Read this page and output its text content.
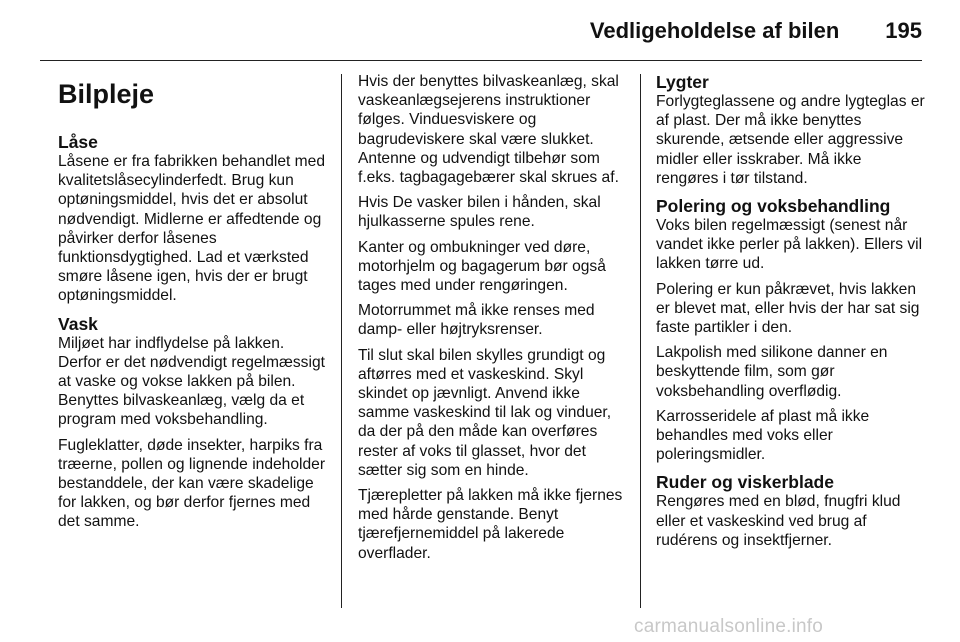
Vedligeholdelse af bilen 195
Bilpleje
Låse

Låsene er fra fabrikken behandlet med kvalitetslåsecylinderfedt. Brug kun optøningsmiddel, hvis det er absolut nødvendigt. Midlerne er affedtende og påvirker derfor låsenes funktionsdygtighed. Lad et værksted smøre låsene igen, hvis der er brugt optøningsmiddel.

Vask

Miljøet har indflydelse på lakken. Derfor er det nødvendigt regelmæssigt at vaske og vokse lakken på bilen. Benyttes bilvaskeanlæg, vælg da et program med voksbehandling.

Fugleklatter, døde insekter, harpiks fra træerne, pollen og lignende indeholder bestanddele, der kan være skadelige for lakken, og bør derfor fjernes med det samme.

Hvis der benyttes bilvaskeanlæg, skal vaskeanlægsejerens instruktioner følges. Vinduesviskere og bagrudeviskere skal være slukket. Antenne og udvendigt tilbehør som f.eks. tagbagagebærer skal skrues af.

Hvis De vasker bilen i hånden, skal hjulkasserne spules rene.

Kanter og ombukninger ved døre, motorhjelm og bagagerum bør også tages med under rengøringen.

Motorrummet må ikke renses med damp- eller højtryksrenser.

Til slut skal bilen skylles grundigt og aftørres med et vaskeskind. Skyl skindet op jævnligt. Anvend ikke samme vaskeskind til lak og vinduer, da der på den måde kan overføres rester af voks til glasset, hvor det sætter sig som en hinde.

Tjærepletter på lakken må ikke fjernes med hårde genstande. Benyt tjærefjernemiddel på lakerede overflader.

Lygter

Forlygteglassene og andre lygteglas er af plast. Der må ikke benyttes skurende, ætsende eller aggressive midler eller isskraber. Må ikke rengøres i tør tilstand.

Polering og voksbehandling

Voks bilen regelmæssigt (senest når vandet ikke perler på lakken). Ellers vil lakken tørre ud.

Polering er kun påkrævet, hvis lakken er blevet mat, eller hvis der har sat sig faste partikler i den.

Lakpolish med silikone danner en beskyttende film, som gør voksbehandling overflødig.

Karrosseridele af plast må ikke behandles med voks eller poleringsmidler.

Ruder og viskerblade

Rengøres med en blød, fnugfri klud eller et vaskeskind ved brug af rudérens og insektfjerner.

carmanualsonline.info
